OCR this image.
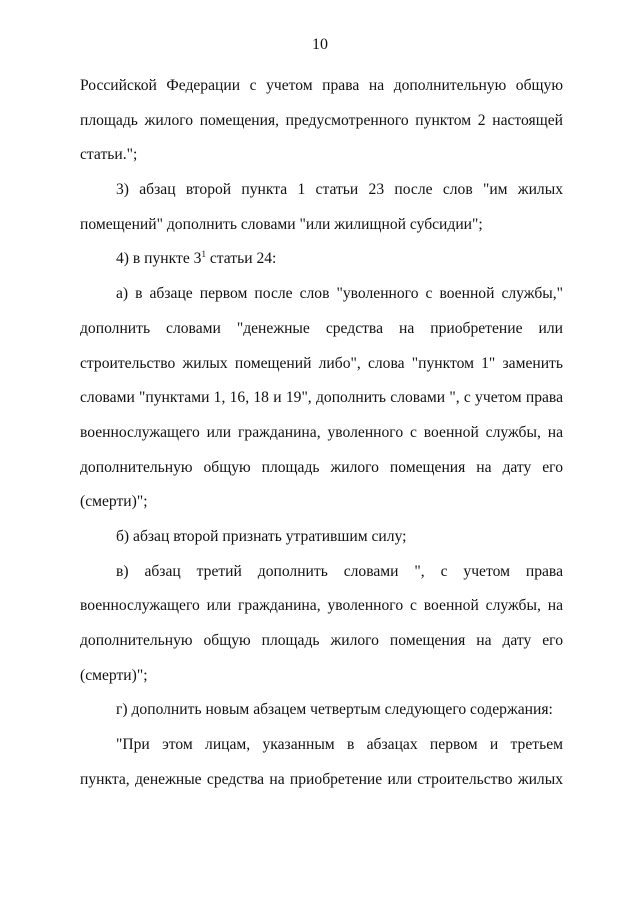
10
Российской Федерации с учетом права на дополнительную общую
площадь жилого помещения, предусмотренного пунктом 2 настоящей
статьи.";
3) абзац второй пункта 1 статьи 23 после слов "им жилых
помещений" дополнить словами "или жилищной субсидии";
4) в пункте $3^1$ статьи 24:
а) в абзаце первом после слов "уволенного с военной службы,"
дополнить словами "денежные средства на приобретение или
строительство жилых помещений либо", слова "пунктом 1" заменить
словами "пунктами 1, 16, 18 и 19", дополнить словами ", с учетом права
военнослужащего или гражданина, уволенного с военной службы, на
дополнительную общую площадь жилого помещения на дату его
(смерти)";
б) абзац второй признать утратившим силу;
в) абзац третий дополнить словами ", с учетом права
военнослужащего или гражданина, уволенного с военной службы, на
дополнительную общую площадь жилого помещения на дату его
(смерти)";
г) дополнить новым абзацем четвертым следующего содержания:
"При этом лицам, указанным в абзацах первом и третьем
пункта, денежные средства на приобретение или строительство жилых
